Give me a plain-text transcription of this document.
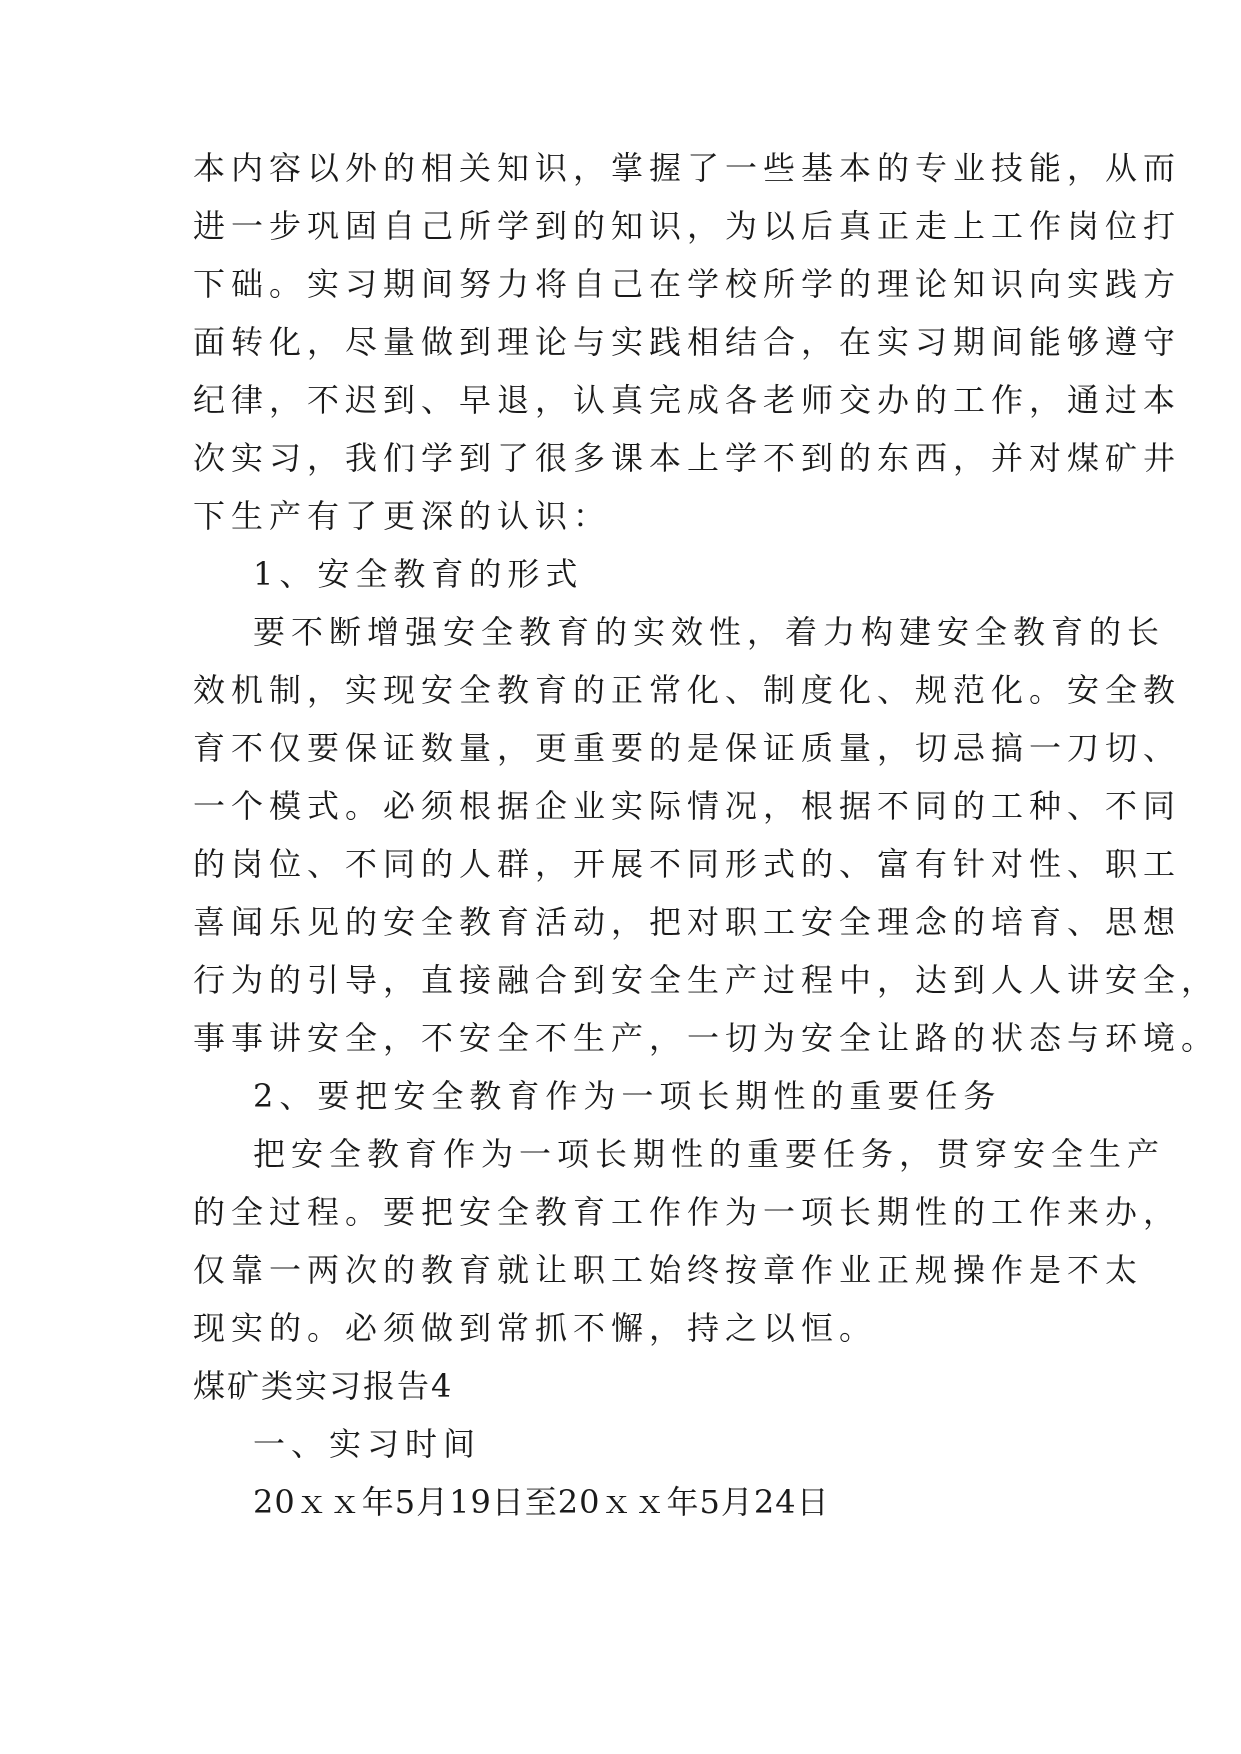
本内容以外的相关知识，掌握了一些基本的专业技能，从而
进一步巩固自己所学到的知识，为以后真正走上工作岗位打
下础。实习期间努力将自己在学校所学的理论知识向实践方
面转化，尽量做到理论与实践相结合，在实习期间能够遵守
纪律，不迟到、早退，认真完成各老师交办的工作，通过本
次实习，我们学到了很多课本上学不到的东西，并对煤矿井
下生产有了更深的认识：
1、安全教育的形式
要不断增强安全教育的实效性，着力构建安全教育的长
效机制，实现安全教育的正常化、制度化、规范化。安全教
育不仅要保证数量，更重要的是保证质量，切忌搞一刀切、
一个模式。必须根据企业实际情况，根据不同的工种、不同
的岗位、不同的人群，开展不同形式的、富有针对性、职工
喜闻乐见的安全教育活动，把对职工安全理念的培育、思想
行为的引导，直接融合到安全生产过程中，达到人人讲安全，
事事讲安全，不安全不生产，一切为安全让路的状态与环境。
2、要把安全教育作为一项长期性的重要任务
把安全教育作为一项长期性的重要任务，贯穿安全生产
的全过程。要把安全教育工作作为一项长期性的工作来办，
仅靠一两次的教育就让职工始终按章作业正规操作是不太
现实的。必须做到常抓不懈，持之以恒。
煤矿类实习报告4
一、实习时间
20ｘｘ年5月19日至20ｘｘ年5月24日
